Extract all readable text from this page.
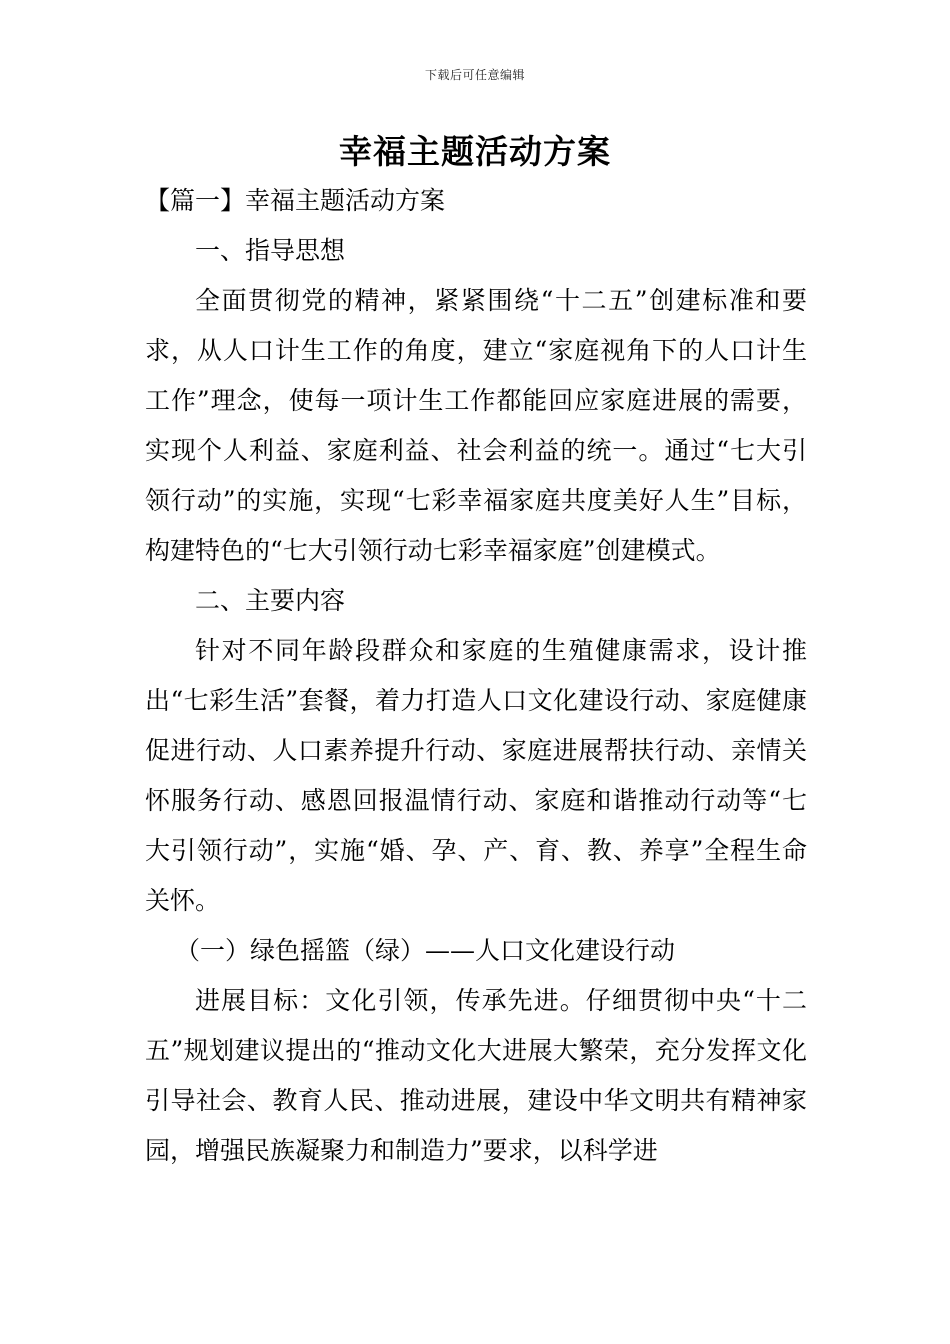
下载后可任意编辑
幸福主题活动方案

【篇一】幸福主题活动方案

一、指导思想

全面贯彻党的精神，紧紧围绕“十二五”创建标准和要求，从人口计生工作的角度，建立“家庭视角下的人口计生工作”理念，使每一项计生工作都能回应家庭进展的需要，实现个人利益、家庭利益、社会利益的统一。通过“七大引领行动”的实施，实现“七彩幸福家庭共度美好人生”目标，构建特色的“七大引领行动七彩幸福家庭”创建模式。

二、主要内容

针对不同年龄段群众和家庭的生殖健康需求，设计推出“七彩生活”套餐，着力打造人口文化建设行动、家庭健康促进行动、人口素养提升行动、家庭进展帮扶行动、亲情关怀服务行动、感恩回报温情行动、家庭和谐推动行动等“七大引领行动”，实施“婚、孕、产、育、教、养享”全程生命关怀。

（一）绿色摇篮（绿）——人口文化建设行动

进展目标：文化引领，传承先进。仔细贯彻中央“十二五”规划建议提出的“推动文化大进展大繁荣，充分发挥文化引导社会、教育人民、推动进展，建设中华文明共有精神家园，增强民族凝聚力和制造力”要求，以科学进
